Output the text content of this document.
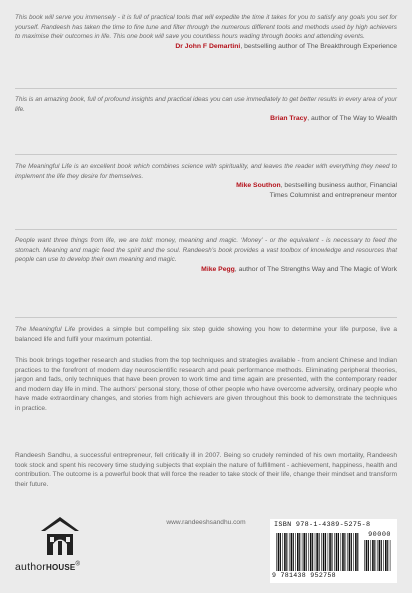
This book will serve you immensely - it is full of practical tools that will expedite the time it takes for you to satisfy any goals you set for yourself. Randeesh has taken the time to fine tune and filter through the numerous different tools and methods used by high achievers to maximise their outcomes in life. This one book will save you countless hours wading through books and attending events.
Dr John F Demartini, bestselling author of The Breakthrough Experience
This is an amazing book, full of profound insights and practical ideas you can use immediately to get better results in every area of your life.
Brian Tracy, author of The Way to Wealth
The Meaningful Life is an excellent book which combines science with spirituality, and leaves the reader with everything they need to implement the life they desire for themselves.
Mike Southon, bestselling business author, Financial
Times Columnist and entrepreneur mentor
People want three things from life, we are told: money, meaning and magic. ‘Money’ - or the equivalent - is necessary to feed the stomach. Meaning and magic feed the spirit and the soul. Randeesh’s book provides a vast toolbox of knowledge and resources that people can use to develop their own meaning and magic.
Mike Pegg, author of The Strengths Way and The Magic of Work
The Meaningful Life provides a simple but compelling six step guide showing you how to determine your life purpose, live a balanced life and fulfil your maximum potential.
This book brings together research and studies from the top techniques and strategies available - from ancient Chinese and Indian practices to the forefront of modern day neuroscientific research and peak performance methods. Eliminating peripheral theories, jargon and fads, only techniques that have been proven to work time and time again are presented, with the contemporary reader and modern day life in mind. The authors’ personal story, those of other people who have overcome adversity, ordinary people who have made extraordinary changes, and stories from high achievers are given throughout this book to demonstrate the techniques in practice.
Randeesh Sandhu, a successful entrepreneur, fell critically ill in 2007. Being so crudely reminded of his own mortality, Randeesh took stock and spent his recovery time studying subjects that explain the nature of fulfillment - achievement, happiness, health and contribution. The outcome is a powerful book that will force the reader to take stock of their life, change their mindset and transform their future.
www.randeeshsandhu.com
authorHOUSE®
ISBN 978-1-4389-5275-8
90000
9 781438 952758
